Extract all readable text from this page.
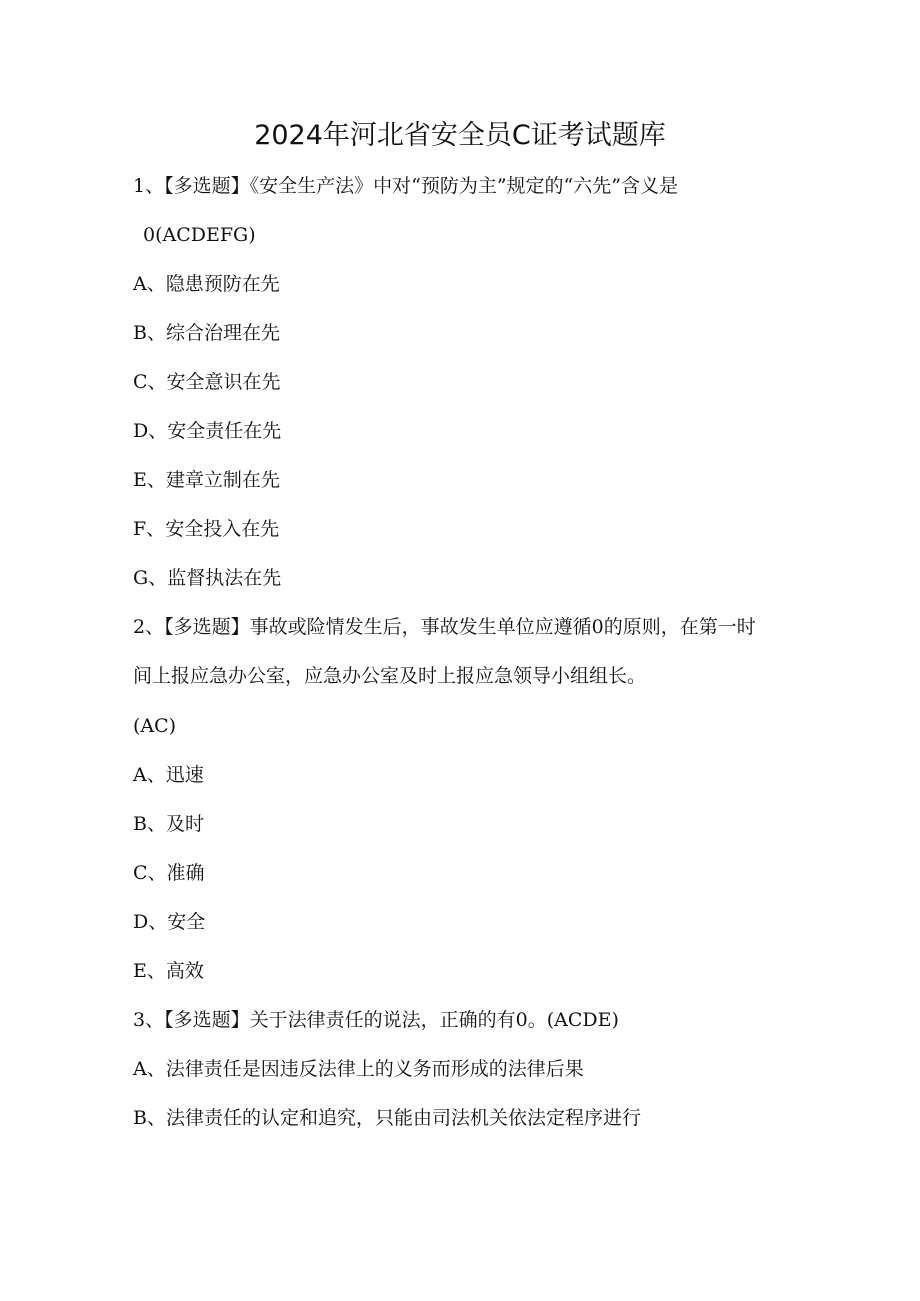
2024年河北省安全员C证考试题库
1、【多选题】《安全生产法》中对“预防为主”规定的“六先”含义是
0(ACDEFG)
A、隐患预防在先
B、综合治理在先
C、安全意识在先
D、安全责任在先
E、建章立制在先
F、安全投入在先
G、监督执法在先
2、【多选题】事故或险情发生后，事故发生单位应遵循0的原则，在第一时
间上报应急办公室，应急办公室及时上报应急领导小组组长。
(AC)
A、迅速
B、及时
C、准确
D、安全
E、高效
3、【多选题】关于法律责任的说法，正确的有0。(ACDE)
A、法律责任是因违反法律上的义务而形成的法律后果
B、法律责任的认定和追究，只能由司法机关依法定程序进行
